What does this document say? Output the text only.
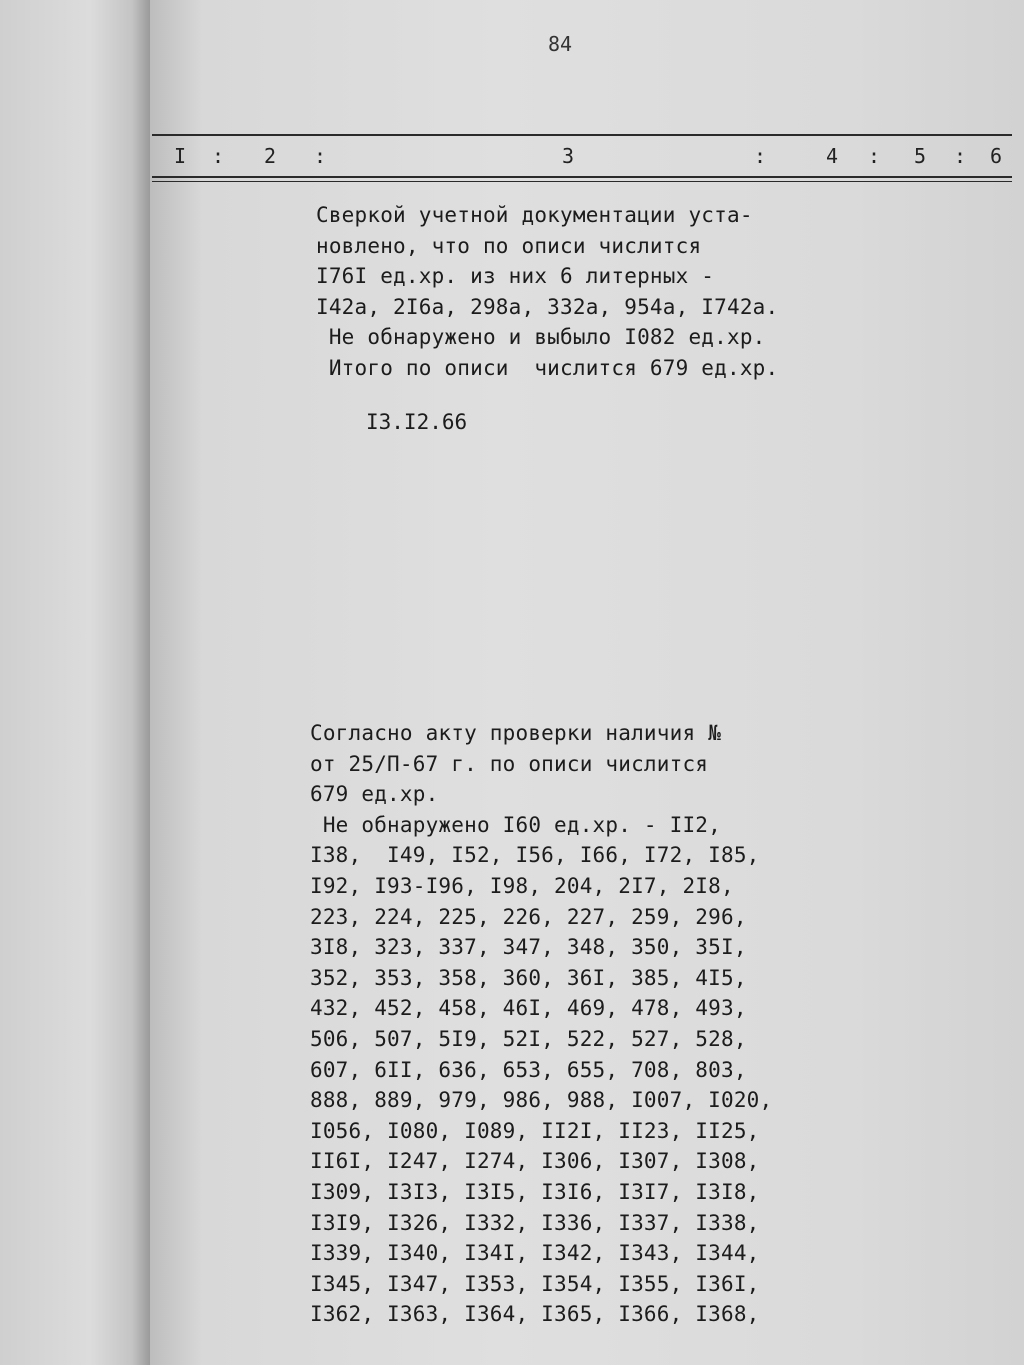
84
I : 2 :	3	:	4 : 5 : 6
Сверкой учетной документации уста-
новлено, что по описи числится
I76I ед.хр. из них 6 литерных -
I42а, 2I6а, 298а, 332а, 954а, I742а.
Не обнаружено и выбыло I082 ед.хр.
Итого по описи  числится 679 ед.хр.
I3.I2.66
Согласно акту проверки наличия №
от 25/П-67 г. по описи числится
679 ед.хр.
Не обнаружено I60 ед.хр. - II2,
I38,  I49, I52, I56, I66, I72, I85,
I92, I93-I96, I98, 204, 2I7, 2I8,
223, 224, 225, 226, 227, 259, 296,
3I8, 323, 337, 347, 348, 350, 35I,
352, 353, 358, 360, 36I, 385, 4I5,
432, 452, 458, 46I, 469, 478, 493,
506, 507, 5I9, 52I, 522, 527, 528,
607, 6II, 636, 653, 655, 708, 803,
888, 889, 979, 986, 988, I007, I020,
I056, I080, I089, II2I, II23, II25,
II6I, I247, I274, I306, I307, I308,
I309, I3I3, I3I5, I3I6, I3I7, I3I8,
I3I9, I326, I332, I336, I337, I338,
I339, I340, I34I, I342, I343, I344,
I345, I347, I353, I354, I355, I36I,
I362, I363, I364, I365, I366, I368,
